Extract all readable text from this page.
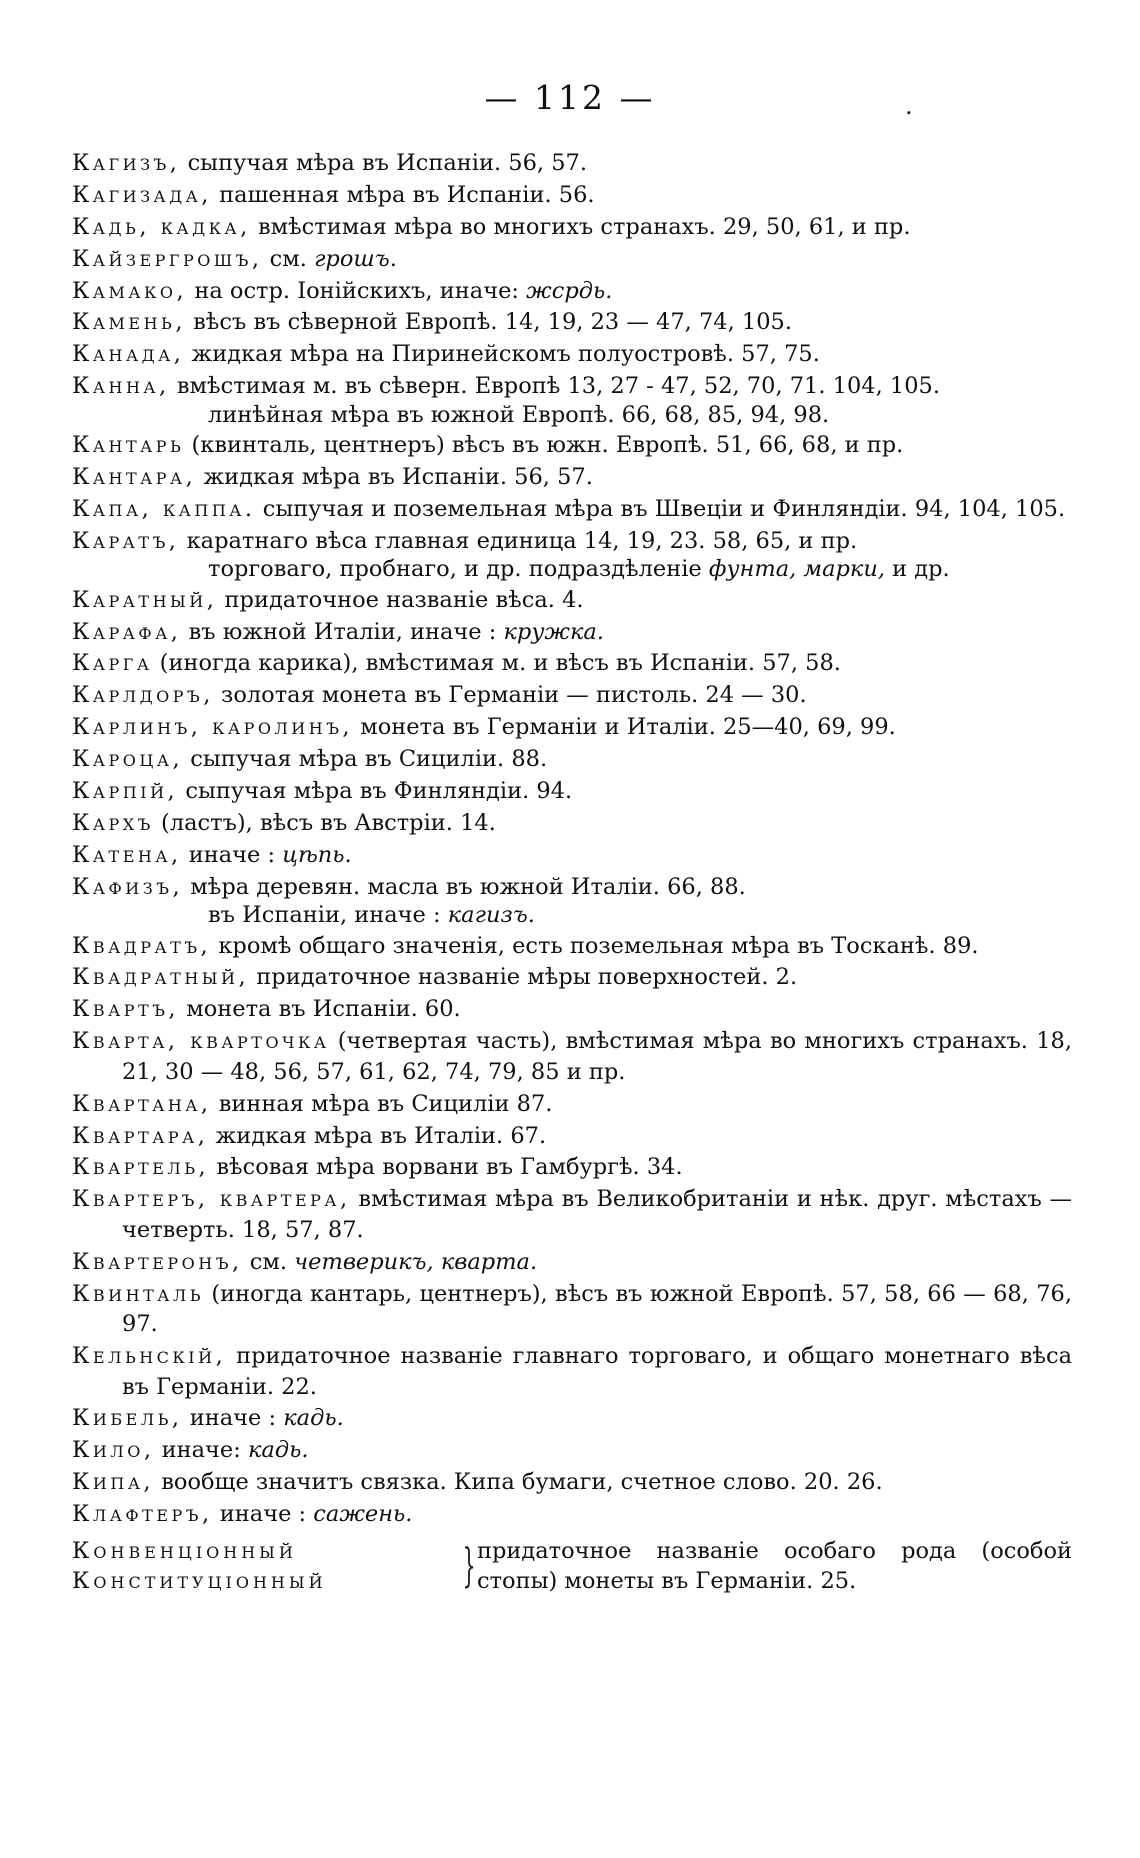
— 112 —	.
Кагизъ, сыпучая мѣра въ Испаніи. 56, 57.
Кагизада, пашенная мѣра въ Испаніи. 56.
Кадь, кадка, вмѣстимая мѣра во многихъ странахъ. 29, 50, 61, и пр.
Кайзергрошъ, см. грошъ.
Камако, на остр. Іонійскихъ, иначе: жсрдь.
Камень, вѣсъ въ сѣверной Европѣ. 14, 19, 23 — 47, 74, 105.
Канада, жидкая мѣра на Пиринейскомъ полуостровѣ. 57, 75.
Канна, вмѣстимая м. въ сѣверн. Европѣ 13, 27 - 47, 52, 70, 71. 104, 105.
линѣйная мѣра въ южной Европѣ. 66, 68, 85, 94, 98.
Кантарь (квинталь, центнеръ) вѣсъ въ южн. Европѣ. 51, 66, 68, и пр.
Кантара, жидкая мѣра въ Испаніи. 56, 57.
Капа, каппа. сыпучая и поземельная мѣра въ Швеціи и Финляндіи. 94, 104, 105.
Каратъ, каратнаго вѣса главная единица 14, 19, 23. 58, 65, и пр.
торговаго, пробнаго, и др. подраздѣленіе фунта, марки, и др.
Каратный, придаточное названіе вѣса. 4.
Карафа, въ южной Италіи, иначе : кружка.
Карга (иногда карика), вмѣстимая м. и вѣсъ въ Испаніи. 57, 58.
Карлдоръ, золотая монета въ Германіи — пистоль. 24 — 30.
Карлинъ, каролинъ, монета въ Германіи и Италіи. 25—40, 69, 99.
Кароца, сыпучая мѣра въ Сициліи. 88.
Карпій, сыпучая мѣра въ Финляндіи. 94.
Кархъ (ластъ), вѣсъ въ Австріи. 14.
Катена, иначе : цѣпь.
Кафизъ, мѣра деревян. масла въ южной Италіи. 66, 88.
въ Испаніи, иначе : кагизъ.
Квадратъ, кромѣ общаго значенія, есть поземельная мѣра въ Тосканѣ. 89.
Квадратный, придаточное названіе мѣры поверхностей. 2.
Квартъ, монета въ Испаніи. 60.
Кварта, кварточка (четвертая часть), вмѣстимая мѣра во многихъ странахъ. 18, 21, 30 — 48, 56, 57, 61, 62, 74, 79, 85 и пр.
Квартана, винная мѣра въ Сициліи 87.
Квартара, жидкая мѣра въ Италіи. 67.
Квартель, вѣсовая мѣра ворвани въ Гамбургѣ. 34.
Квартеръ, квартера, вмѣстимая мѣра въ Великобританіи и нѣк. друг. мѣстахъ — четверть. 18, 57, 87.
Квартеронъ, см. четверикъ, кварта.
Квинталь (иногда кантарь, центнеръ), вѣсъ въ южной Европѣ. 57, 58, 66 — 68, 76, 97.
Кельнскій, придаточное названіе главнаго торговаго, и общаго монетнаго вѣса въ Германіи. 22.
Кибель, иначе : кадь.
Кило, иначе: кадь.
Кипа, вообще значитъ связка. Кипа бумаги, счетное слово. 20. 26.
Клафтеръ, иначе : сажень.
Конвенціонный
Конституціонный	} придаточное названіе особаго рода (особой стопы) монеты въ Германіи. 25.
